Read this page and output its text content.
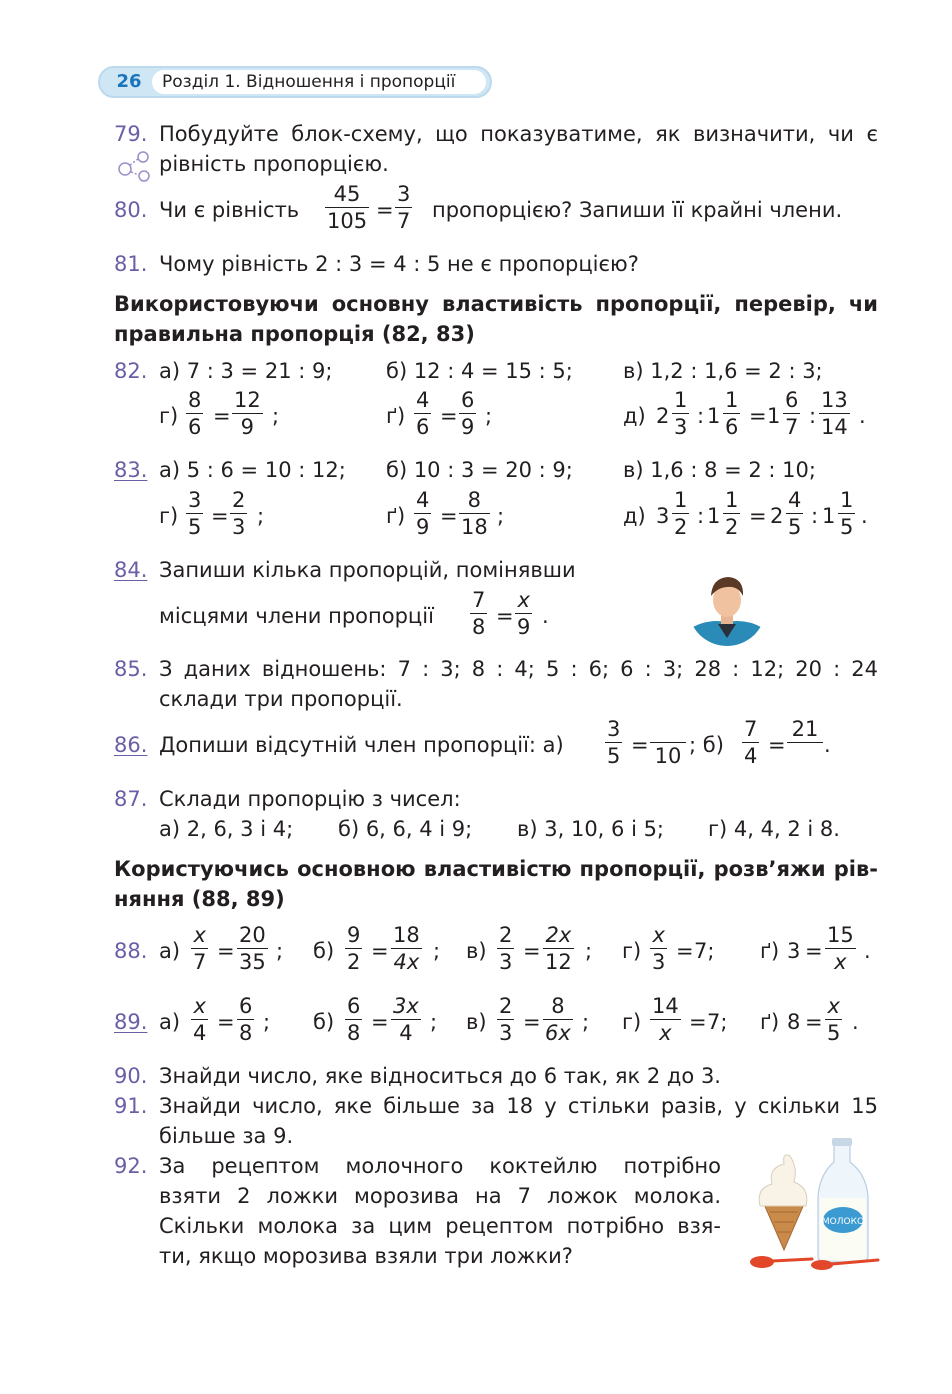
26	Розділ 1. Відношення і пропорції
79. Побудуйте блок-схему, що показуватиме, як визначити, чи є
рівність пропорцією.
80. Чи є рівність
45
105 =
3
7 пропорцією? Запиши її крайні члени.
81. Чому рівність 2 : 3 = 4 : 5 не є пропорцією?
Використовуючи основну властивість пропорції, перевір, чи
правильна пропорція (82, 83)
82. а) 7 : 3 = 21 : 9;	б) 12 : 4 = 15 : 5; в) 1,2 : 1,6 = 2 : 3;
г)
8
6 =
12
9 ;	ґ)
4
6 =
6
9 ;	д) 2
1
3 : 1
1
6 = 1
6
7 :
13
14 .
83. а) 5 : 6 = 10 : 12; б) 10 : 3 = 20 : 9; в) 1,6 : 8 = 2 : 10;
г)
3
5 =
2
3 ;	ґ)
4
9 =
8
18 ;	д) 3
1
2 : 1
1
2 = 2
4
5 : 1
1
5 .
84. Запиши кілька пропорцій, помінявши
місцями члени пропорції
7
8 =
x
9 .
85. З даних відношень: 7 : 3; 8 : 4; 5 : 6; 6 : 3; 28 : 12; 20 : 24
склади три пропорції.
86. Допиши відсутній член пропорції: а)
3
5 = 10 ; б)
7
4 =
21
.
87. Склади пропорцію з чисел:
а) 2, 6, 3 і 4; б) 6, 6, 4 і 9; в) 3, 10, 6 і 5; г) 4, 4, 2 і 8.
Користуючись основною властивістю пропорції, розв’яжи рів-
няння (88, 89)
88. а)
x
7 =
20
35 ; б)
9
2 =
18
4x ; в)
2
3 =
2x
12 ; г)
x
3 = 7; ґ) 3 =
15
x .
89. а)
x
4 =
6
8 ; б)
6
8 =
3x
4 ; в)
2
3 =
8
6x ; г)
14
x = 7; ґ) 8 =
x
5 .
90. Знайди число, яке відноситься до 6 так, як 2 до 3.
91. Знайди число, яке більше за 18 у стільки разів, у скільки 15
більше за 9.
92. За рецептом молочного коктейлю потрібно
взяти 2 ложки морозива на 7 ложок молока.
Скільки молока за цим рецептом потрібно взя-
ти, якщо морозива взяли три ложки?
МОЛОКО
